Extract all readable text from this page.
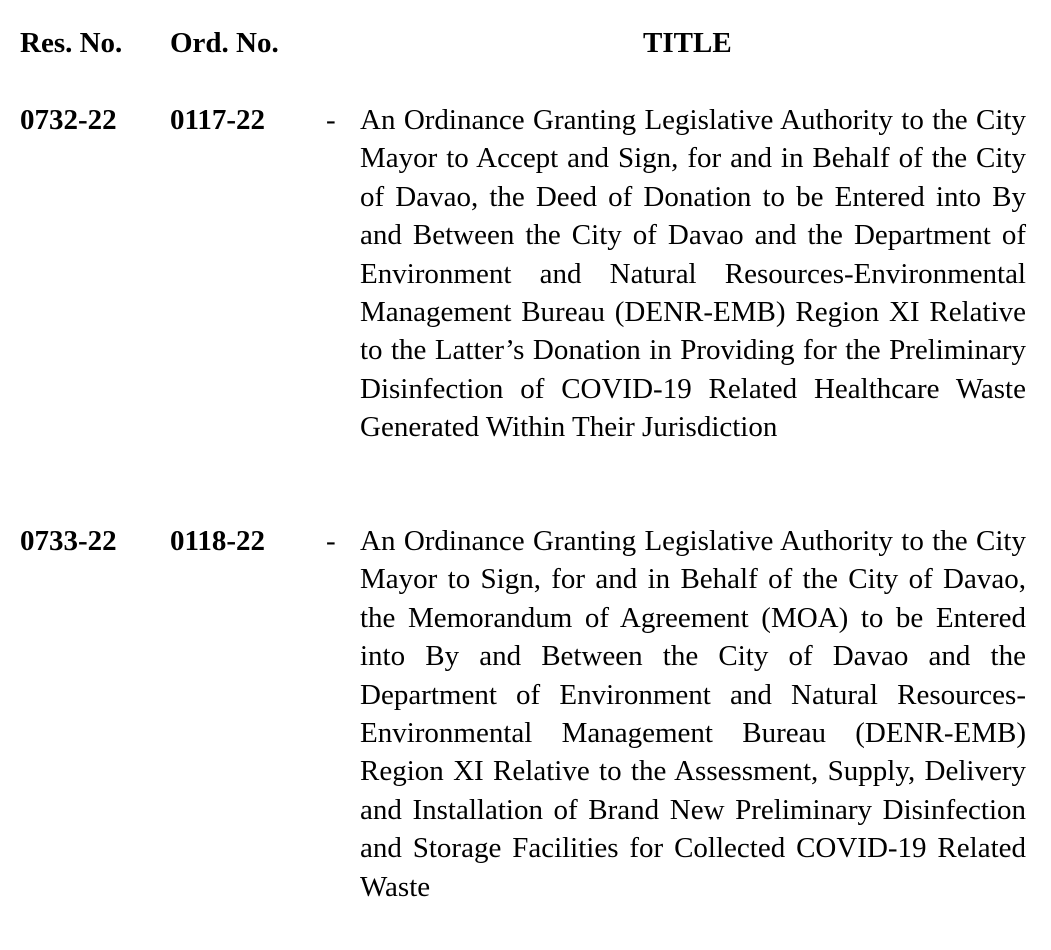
Res. No. Ord. No.	TITLE
0732-22 0117-22 - An Ordinance Granting Legislative Authority to the City Mayor to Accept and Sign, for and in Behalf of the City of Davao, the Deed of Donation to be Entered into By and Between the City of Davao and the Department of Environment and Natural Resources-Environmental Management Bureau (DENR-EMB) Region XI Relative to the Latter’s Donation in Providing for the Preliminary Disinfection of COVID-19 Related Healthcare Waste Generated Within Their Jurisdiction
0733-22 0118-22 - An Ordinance Granting Legislative Authority to the City Mayor to Sign, for and in Behalf of the City of Davao, the Memorandum of Agreement (MOA) to be Entered into By and Between the City of Davao and the Department of Environment and Natural Resources-Environmental Management Bureau (DENR-EMB) Region XI Relative to the Assessment, Supply, Delivery and Installation of Brand New Preliminary Disinfection and Storage Facilities for Collected COVID-19 Related Waste
